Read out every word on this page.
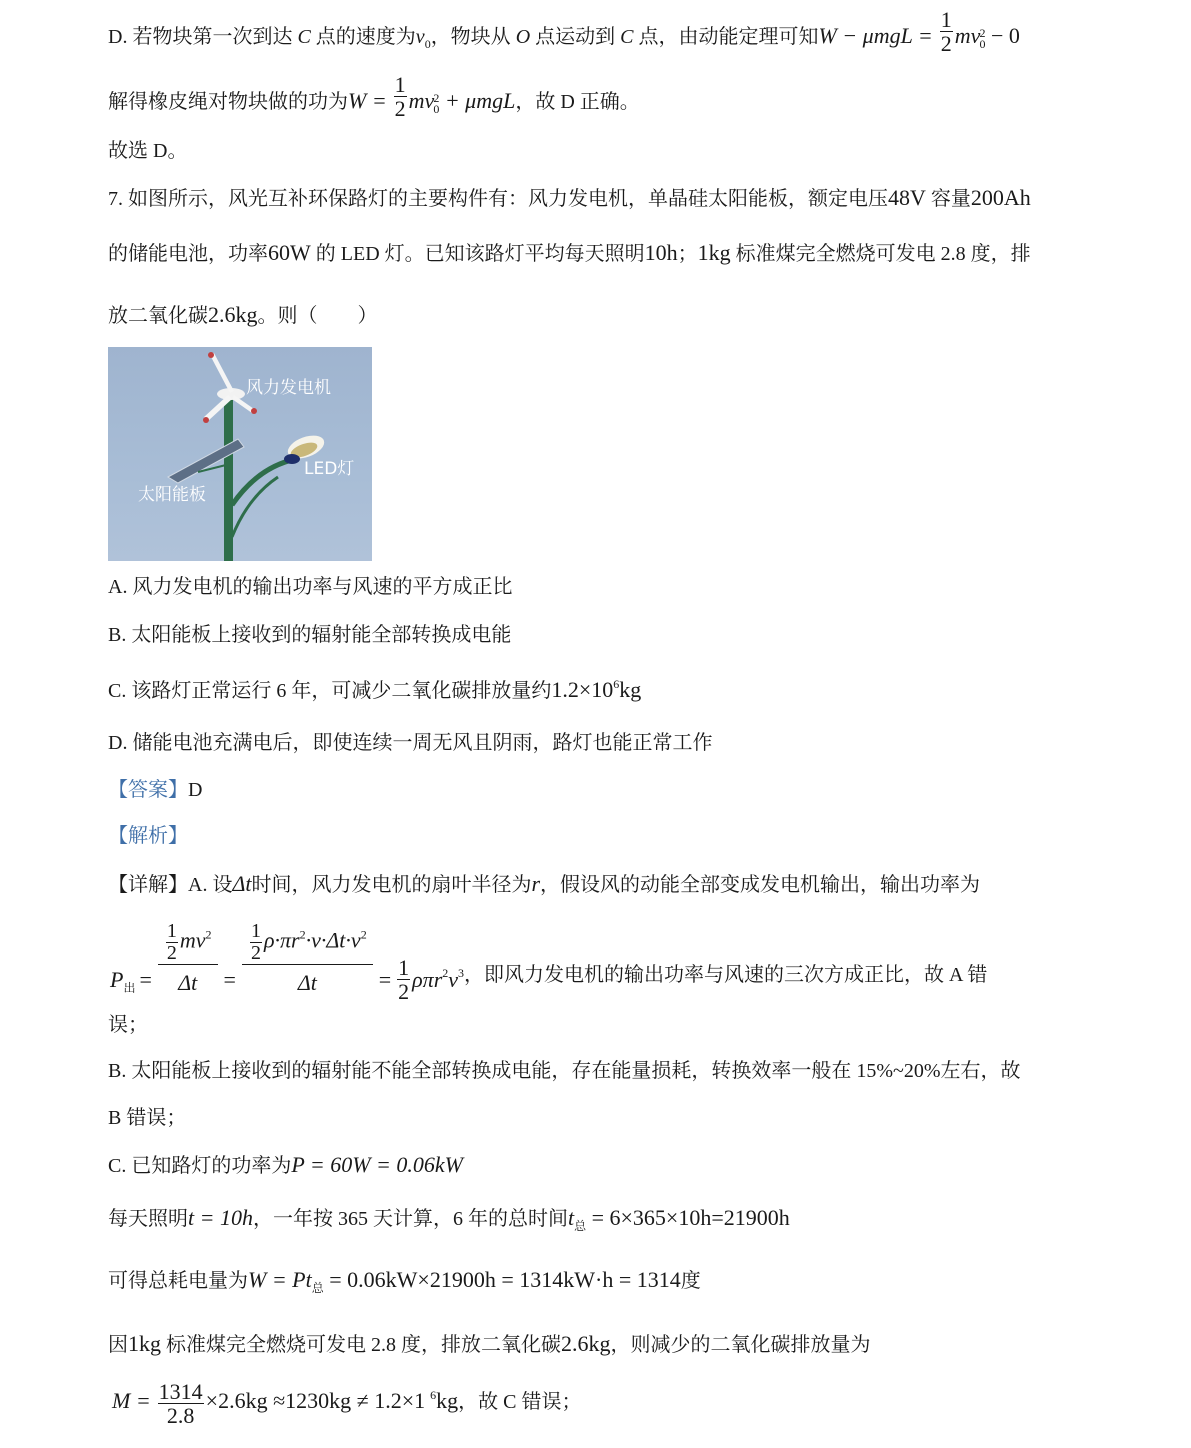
D. 若物块第一次到达 C 点的速度为$v_0$，物块从 O 点运动到 C 点，由动能定理可知$W - \mu mgL = \frac{1}{2}$ mv 2
0 − 0
解得橡皮绳对物块做的功为$W = \frac{1}{2}$ mv 2
0 + μmgL，故 D 正确。
故选 D。
7. 如图所示，风光互补环保路灯的主要构件有：风力发电机，单晶硅太阳能板，额定电压48V 容量200Ah
的储能电池，功率60W 的 LED 灯。已知该路灯平均每天照明10h；1kg 标准煤完全燃烧可发电 2.8 度，排
放二氧化碳2.6kg。则（　　）
风力发电机
LED灯
太阳能板
A. 风力发电机的输出功率与风速的平方成正比
B. 太阳能板上接收到的辐射能全部转换成电能
C. 该路灯正常运行 6 年，可减少二氧化碳排放量约$1.2\times 10^6kg$
D. 储能电池充满电后，即使连续一周无风且阴雨，路灯也能正常工作
【答案】D
【解析】
【详解】A. 设Δt时间，风力发电机的扇叶半径为r，假设风的动能全部变成发电机输出，输出功率为
$P_出 = \frac{\frac{1}{2} mv^2}{\Delta t} = \frac{\frac{1}{2} \rho\cdot\pi r^2\cdot v\cdot\Delta t\cdot v^2}{\Delta t} = \frac{1}{2} \rho\pi r^2$ $v^3$ ，即风力发电机的输出功率与风速的三次方成正比，故 A 错
误；
B. 太阳能板上接收到的辐射能不能全部转换成电能，存在能量损耗，转换效率一般在 15%~20%左右，故
B 错误；
C. 已知路灯的功率为P = 60W = 0.06kW
每天照明t = 10h，一年按 365 天计算，6 年的总时间$t_总 = 6\times 365\times 10h=21900h$
可得总耗电量为$W = Pt_总 = 0.06kW\times 21900h = 1314kW\cdot h = 1314$度
因1kg 标准煤完全燃烧可发电 2.8 度，排放二氧化碳2.6kg，则减少的二氧化碳排放量为
$M = \frac{1314}{2.8} \times 2.6kg \approx 1230kg \ne 1.2\times 1$ $^6$kg，故 C 错误；
